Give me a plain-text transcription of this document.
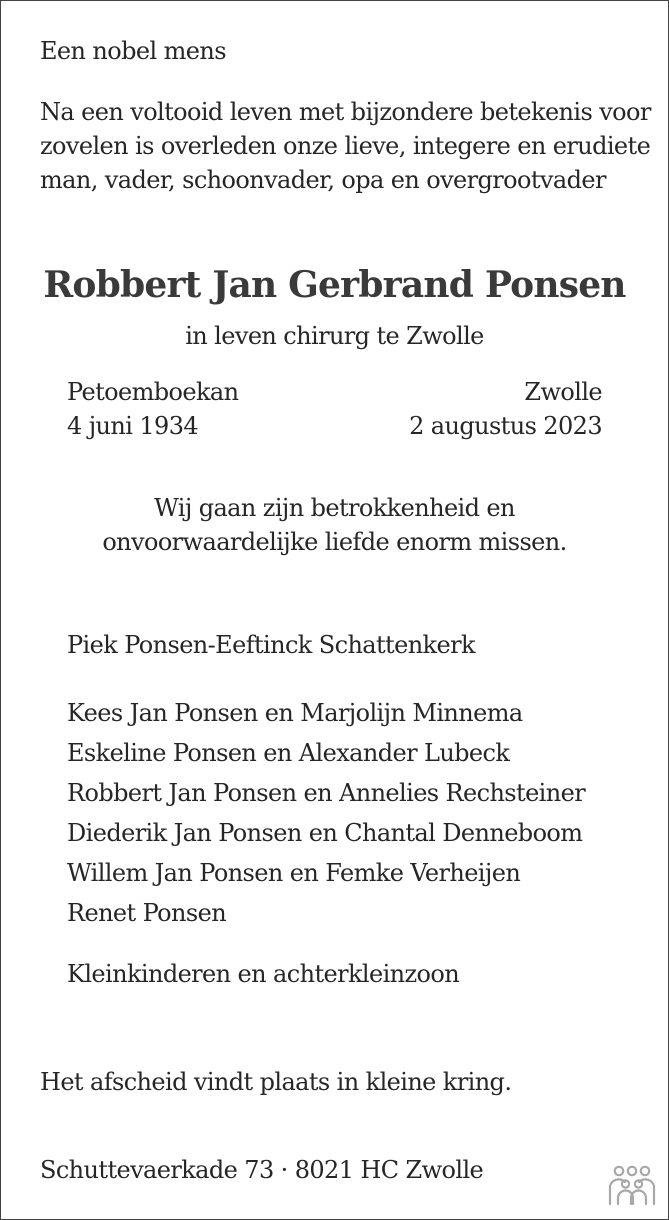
Een nobel mens
Na een voltooid leven met bijzondere betekenis voor
zovelen is overleden onze lieve, integere en erudiete
man, vader, schoonvader, opa en overgrootvader
Robbert Jan Gerbrand Ponsen
in leven chirurg te Zwolle
Petoemboekan
4 juni 1934
Zwolle
2 augustus 2023
Wij gaan zijn betrokkenheid en
onvoorwaardelijke liefde enorm missen.
Piek Ponsen-Eeftinck Schattenkerk
Kees Jan Ponsen en Marjolijn Minnema
Eskeline Ponsen en Alexander Lubeck
Robbert Jan Ponsen en Annelies Rechsteiner
Diederik Jan Ponsen en Chantal Denneboom
Willem Jan Ponsen en Femke Verheijen
Renet Ponsen
Kleinkinderen en achterkleinzoon
Het afscheid vindt plaats in kleine kring.
Schuttevaerkade 73 · 8021 HC Zwolle
